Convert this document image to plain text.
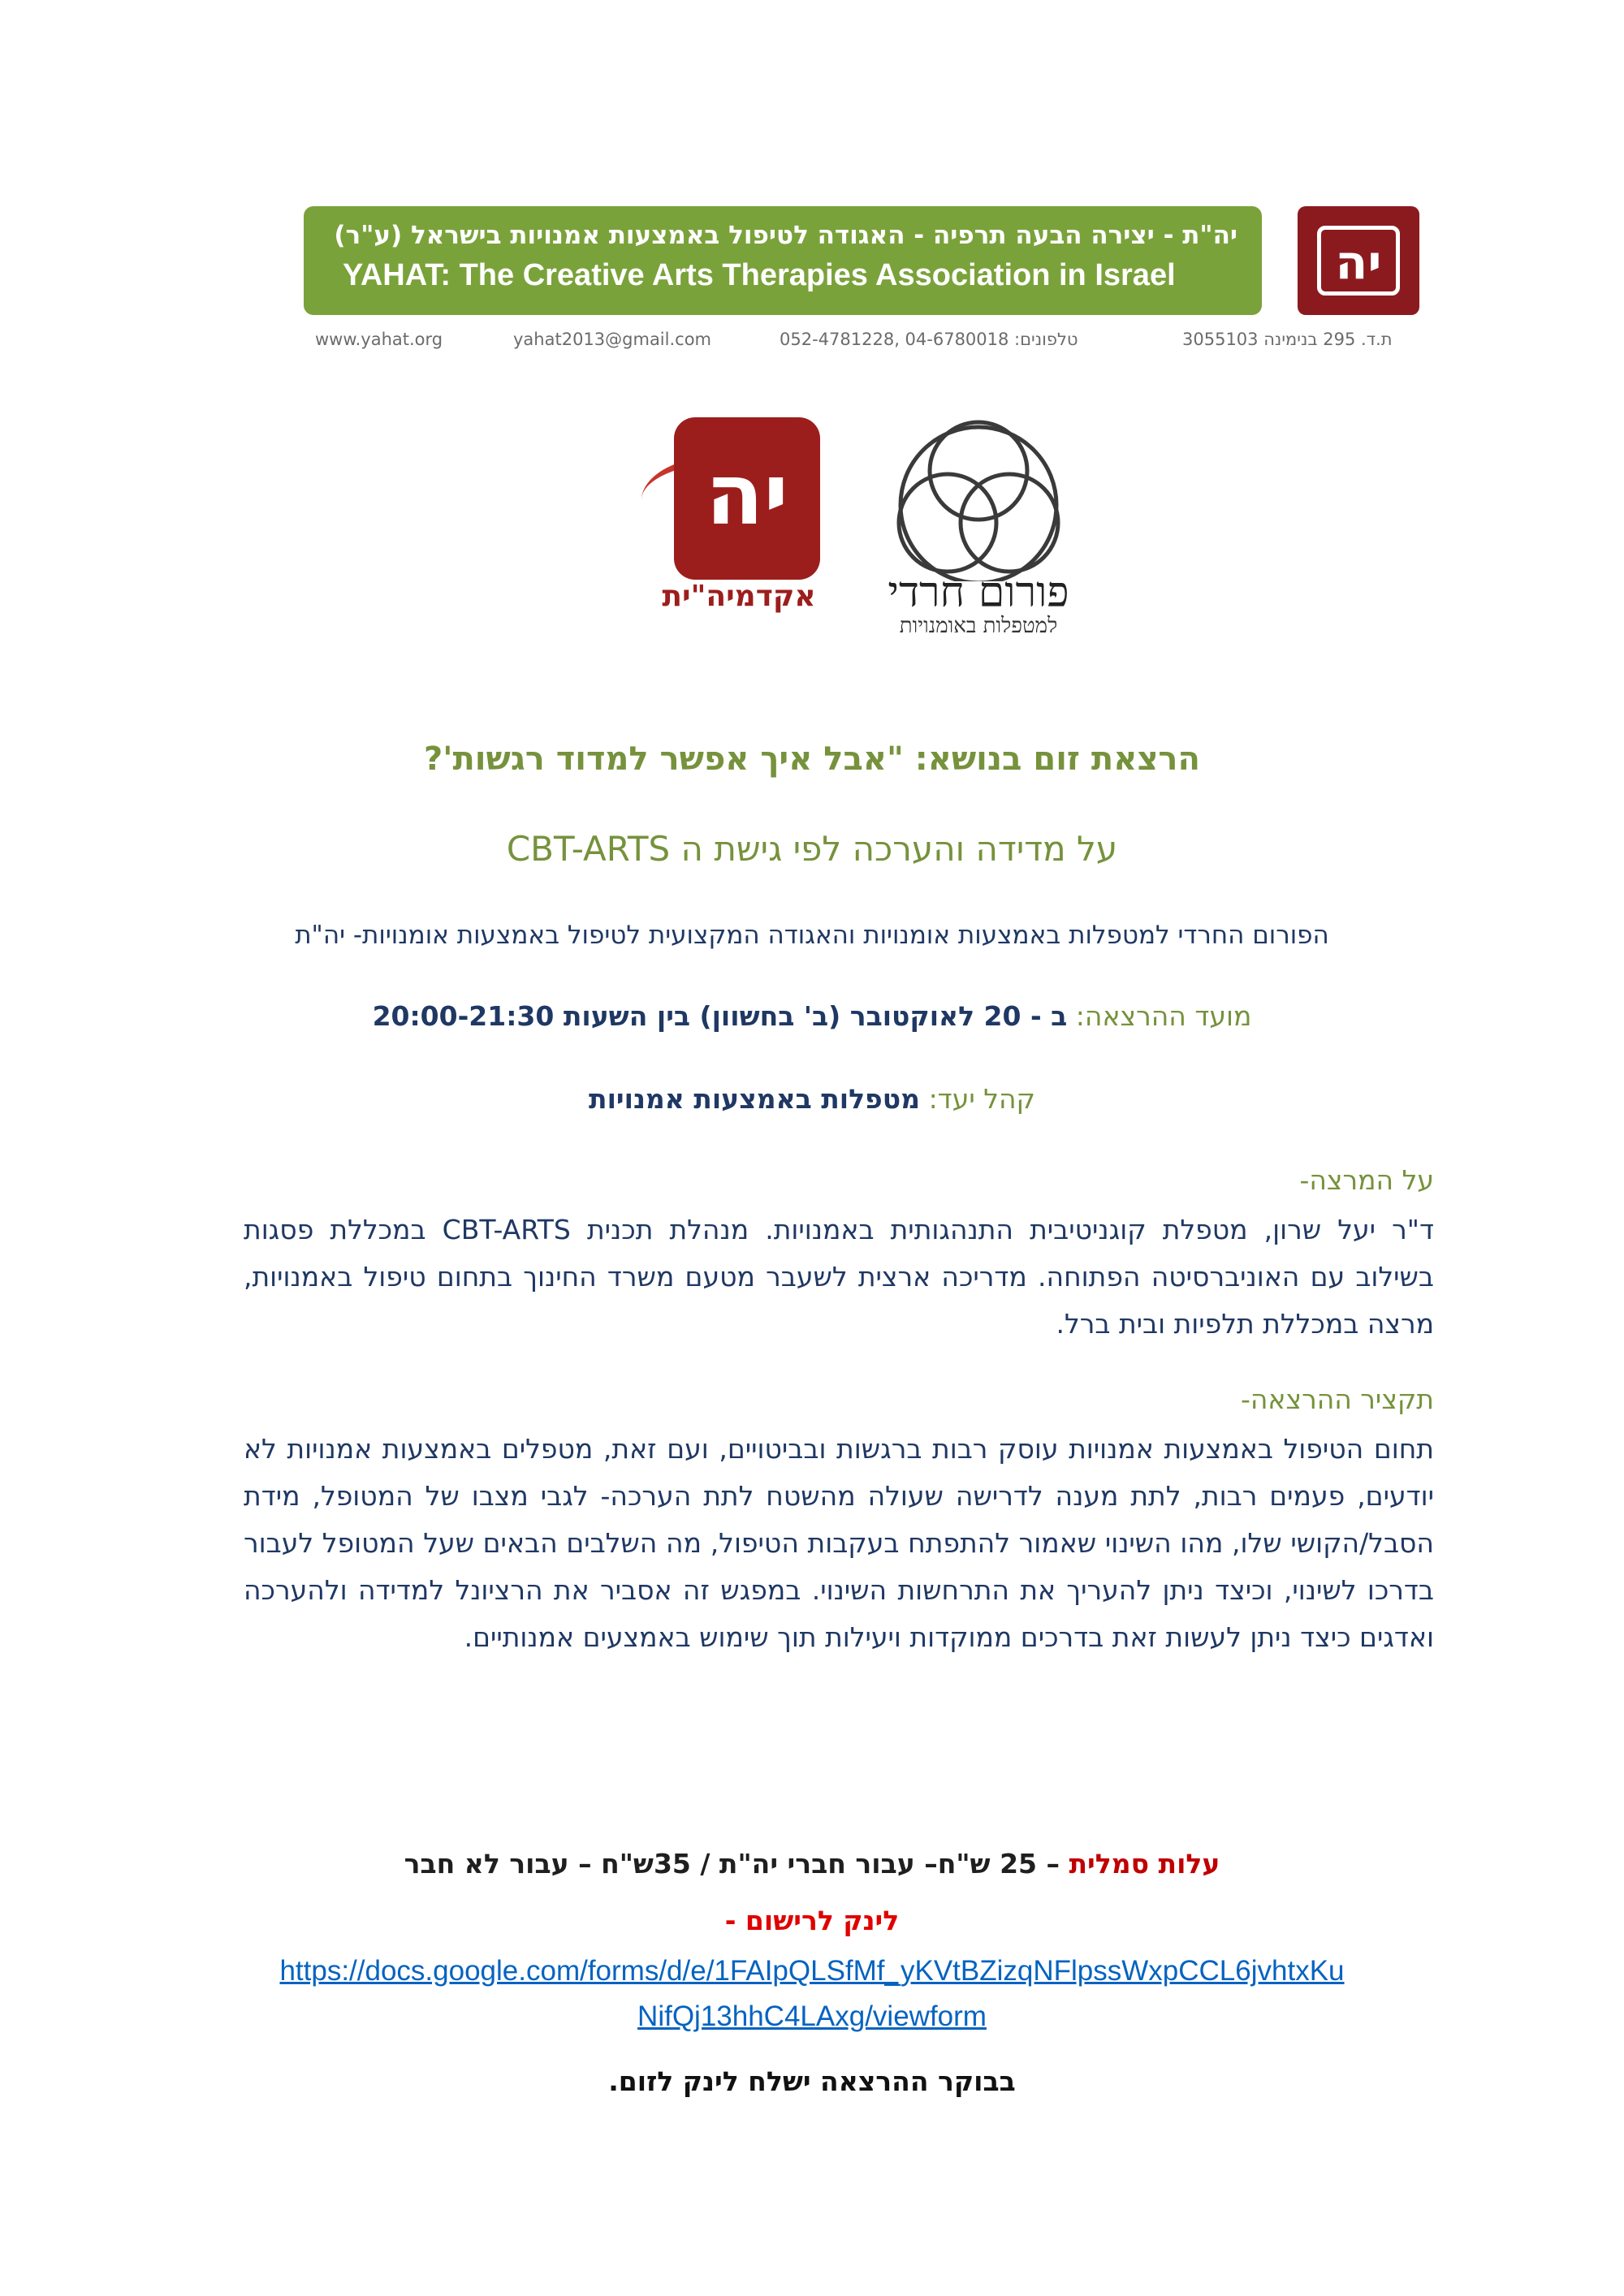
יה"ת - יצירה הבעה תרפיה - האגודה לטיפול באמצעות אמנויות בישראל (ע"ר)
YAHAT: The Creative Arts Therapies Association in Israel	יה
www.yahat.org	yahat2013@gmail.com	טלפונים: 04-6780018 ,052-4781228	ת.ד. 295 בנימינה 3055103
יה
אקדמיה"ית	פורום חרדי
למטפלות באומנויות
הרצאת זום בנושא: "אבל איך אפשר למדוד רגשות'?
על מדידה והערכה לפי גישת ה CBT-ARTS
הפורום החרדי למטפלות באמצעות אומנויות והאגודה המקצועית לטיפול באמצעות אומנויות- יה"ת
מועד ההרצאה: ב - 20 לאוקטובר (ב' בחשוון) בין השעות 20:00-21:30
קהל יעד: מטפלות באמצעות אמנויות
על המרצה-
ד"ר יעל שרון, מטפלת קוגניטיבית התנהגותית באמנויות. מנהלת תכנית CBT-ARTS במכללת פסגות בשילוב עם האוניברסיטה הפתוחה. מדריכה ארצית לשעבר מטעם משרד החינוך בתחום טיפול באמנויות, מרצה במכללת תלפיות ובית ברל.
תקציר ההרצאה-
תחום הטיפול באמצעות אמנויות עוסק רבות ברגשות ובביטויים, ועם זאת, מטפלים באמצעות אמנויות לא יודעים, פעמים רבות, לתת מענה לדרישה שעולה מהשטח לתת הערכה- לגבי מצבו של המטופל, מידת הסבל/הקושי שלו, מהו השינוי שאמור להתפתח בעקבות הטיפול, מה השלבים הבאים שעל המטופל לעבור בדרכו לשינוי, וכיצד ניתן להעריך את התרחשות השינוי. במפגש זה אסביר את הרציונל למדידה ולהערכה ואדגים כיצד ניתן לעשות זאת בדרכים ממוקדות ויעילות תוך שימוש באמצעים אמנותיים.
עלות סמלית – 25 ש"ח– עבור חברי יה"ת / 35ש"ח – עבור לא חבר
לינק לרישום -
https://docs.google.com/forms/d/e/1FAIpQLSfMf_yKVtBZizqNFlpssWxpCCL6jvhtxKuNifQj13hhC4LAxg/viewform
בבוקר ההרצאה ישלח לינק לזום.
